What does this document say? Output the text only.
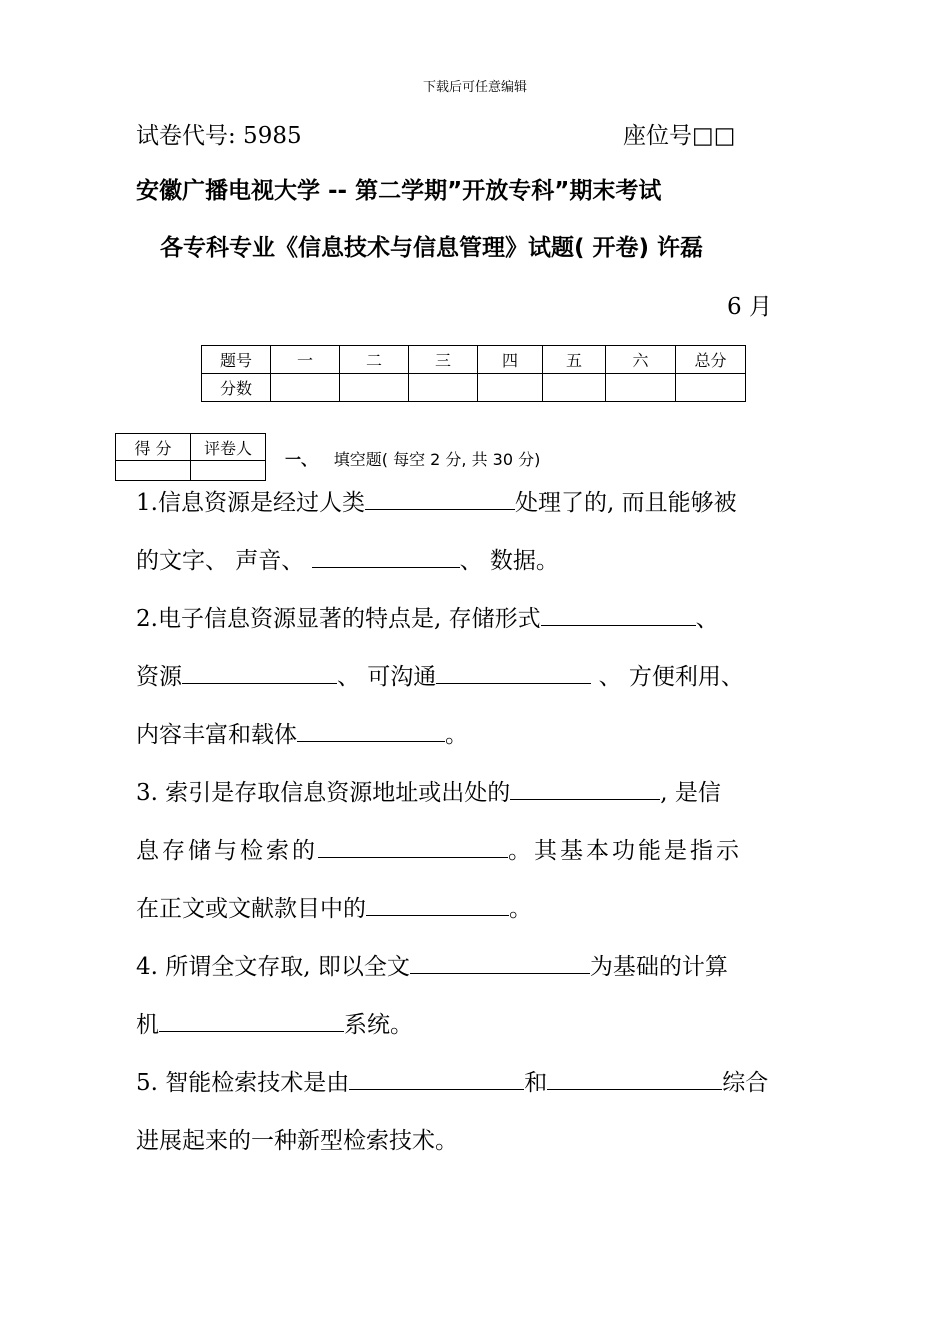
下载后可任意编辑
试卷代号: 5985	座位号□□
安徽广播电视大学 -- 第二学期”开放专科”期末考试
各专科专业《信息技术与信息管理》试题( 开卷) 许磊
6 月
题号	一	二	三	四	五	六	总分
分数							
得 分	评卷人

一、 填空题( 每空 2 分, 共 30 分)
1.信息资源是经过人类	处理了的, 而且能够被
的文字、 声音、	、 数据。
2.电子信息资源显著的特点是, 存储形式	、
资源	、 可沟通	、 方便利用、
内容丰富和载体	。
3. 索引是存取信息资源地址或出处的	, 是信
息存储与检索的	。其基本功能是指示
在正文或文献款目中的	。
4. 所谓全文存取, 即以全文	为基础的计算
机	系统。
5. 智能检索技术是由	和	综合
进展起来的一种新型检索技术。
